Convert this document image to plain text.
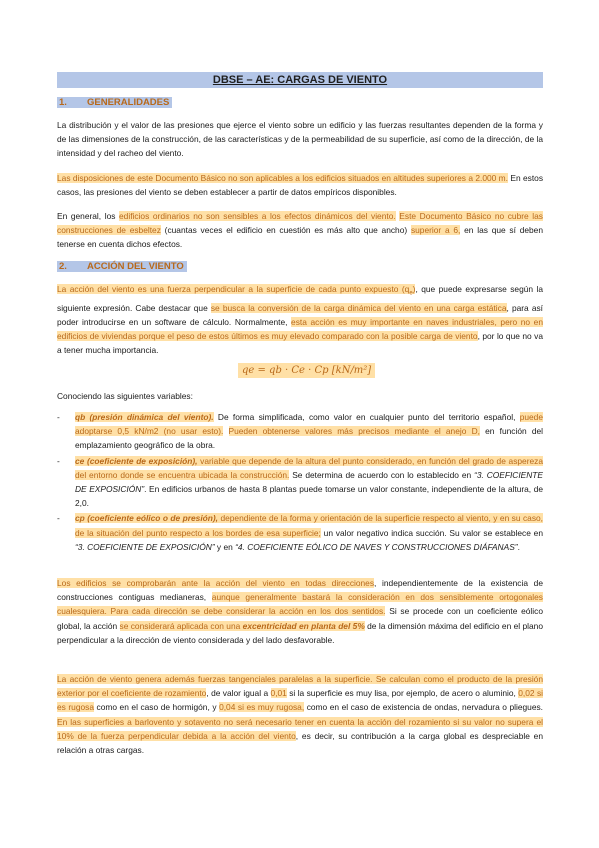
DBSE – AE: CARGAS DE VIENTO
1. GENERALIDADES
La distribución y el valor de las presiones que ejerce el viento sobre un edificio y las fuerzas resultantes dependen de la forma y de las dimensiones de la construcción, de las características y de la permeabilidad de su superficie, así como de la dirección, de la intensidad y del racheo del viento.
Las disposiciones de este Documento Básico no son aplicables a los edificios situados en altitudes superiores a 2.000 m. En estos casos, las presiones del viento se deben establecer a partir de datos empíricos disponibles.
En general, los edificios ordinarios no son sensibles a los efectos dinámicos del viento. Este Documento Básico no cubre las construcciones de esbeltez (cuantas veces el edificio en cuestión es más alto que ancho) superior a 6, en las que sí deben tenerse en cuenta dichos efectos.
2. ACCIÓN DEL VIENTO
La acción del viento es una fuerza perpendicular a la superficie de cada punto expuesto $(q_e)$, que puede expresarse según la siguiente expresión. Cabe destacar que se busca la conversión de la carga dinámica del viento en una carga estática, para así poder introducirse en un software de cálculo. Normalmente, esta acción es muy importante en naves industriales, pero no en edificios de viviendas porque el peso de estos últimos es muy elevado comparado con la posible carga de viento, por lo que no va a tener mucha importancia.
qe = qb · Ce · Cp [kN/m²]
Conociendo las siguientes variables:
- qb (presión dinámica del viento). De forma simplificada, como valor en cualquier punto del territorio español, puede adoptarse 0,5 kN/m2 (no usar esto). Pueden obtenerse valores más precisos mediante el anejo D, en función del emplazamiento geográfico de la obra.
- ce (coeficiente de exposición), variable que depende de la altura del punto considerado, en función del grado de aspereza del entorno donde se encuentra ubicada la construcción. Se determina de acuerdo con lo establecido en “3. COEFICIENTE DE EXPOSICIÓN”. En edificios urbanos de hasta 8 plantas puede tomarse un valor constante, independiente de la altura, de 2,0.
- cp (coeficiente eólico o de presión), dependiente de la forma y orientación de la superficie respecto al viento, y en su caso, de la situación del punto respecto a los bordes de esa superficie; un valor negativo indica succión. Su valor se establece en “3. COEFICIENTE DE EXPOSICIÓN” y en “4. COEFICIENTE EÓLICO DE NAVES Y CONSTRUCCIONES DIÁFANAS”.
Los edificios se comprobarán ante la acción del viento en todas direcciones, independientemente de la existencia de construcciones contiguas medianeras, aunque generalmente bastará la consideración en dos sensiblemente ortogonales cualesquiera. Para cada dirección se debe considerar la acción en los dos sentidos. Si se procede con un coeficiente eólico global, la acción se considerará aplicada con una excentricidad en planta del 5% de la dimensión máxima del edificio en el plano perpendicular a la dirección de viento considerada y del lado desfavorable.
La acción de viento genera además fuerzas tangenciales paralelas a la superficie. Se calculan como el producto de la presión exterior por el coeficiente de rozamiento, de valor igual a 0,01 si la superficie es muy lisa, por ejemplo, de acero o aluminio, 0,02 si es rugosa como en el caso de hormigón, y 0,04 si es muy rugosa, como en el caso de existencia de ondas, nervadura o pliegues. En las superficies a barlovento y sotavento no será necesario tener en cuenta la acción del rozamiento si su valor no supera el 10% de la fuerza perpendicular debida a la acción del viento, es decir, su contribución a la carga global es despreciable en relación a otras cargas.
